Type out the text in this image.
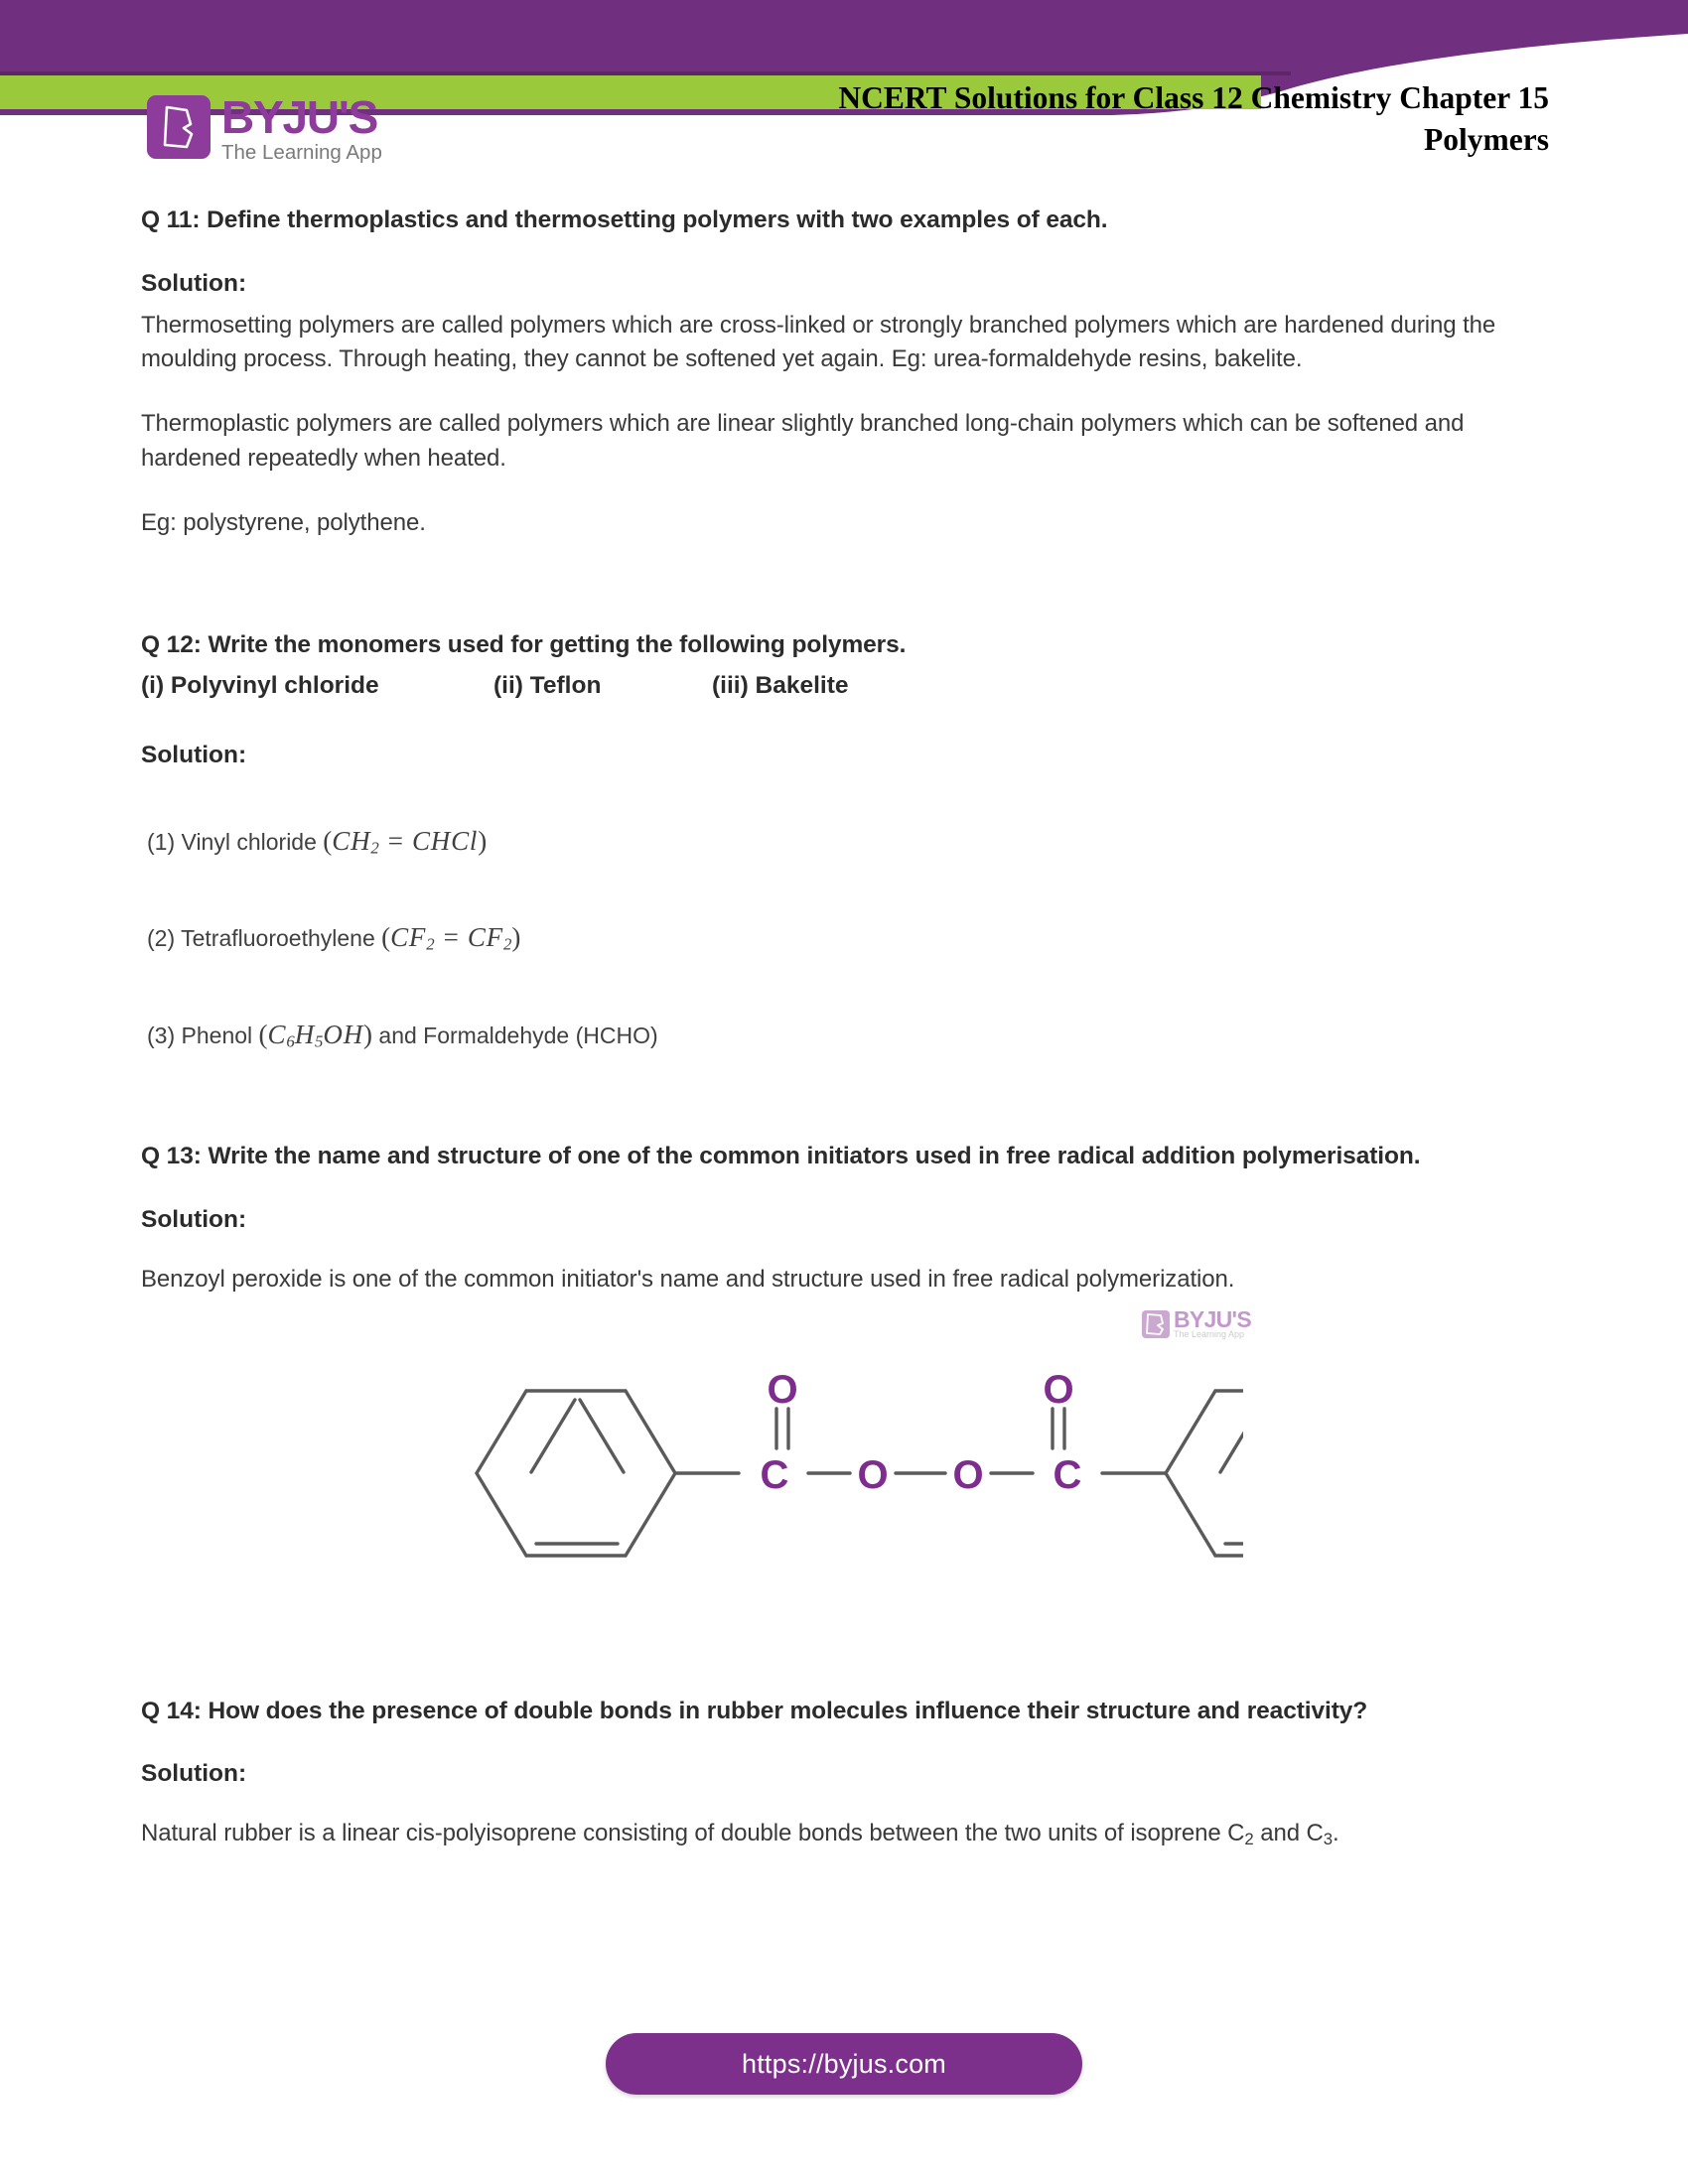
BYJU'S
The Learning App
NCERT Solutions for Class 12 Chemistry Chapter 15
Polymers
Q 11: Define thermoplastics and thermosetting polymers with two examples of each.
Solution:
Thermosetting polymers are called polymers which are cross-linked or strongly branched polymers which are hardened during the moulding process. Through heating, they cannot be softened yet again. Eg: urea-formaldehyde resins, bakelite.
Thermoplastic polymers are called polymers which are linear slightly branched long-chain polymers which can be softened and hardened repeatedly when heated.
Eg: polystyrene, polythene.
Q 12: Write the monomers used for getting the following polymers.
(i) Polyvinyl chloride	(ii) Teflon	(iii) Bakelite
Solution:
(1) Vinyl chloride ($CH_2$ = CHCl)
(2) Tetrafluoroethylene $(CF_2 = CF_2)$
(3) Phenol $(C_6H_5OH)$ and Formaldehyde (HCHO)
Q 13: Write the name and structure of one of the common initiators used in free radical addition polymerisation.
Solution:
Benzoyl peroxide is one of the common initiator's name and structure used in free radical polymerization.
BYJU'S
The Learning App
O
C O O C
O
Q 14: How does the presence of double bonds in rubber molecules influence their structure and reactivity?
Solution:
Natural rubber is a linear cis-polyisoprene consisting of double bonds between the two units of isoprene $C_2$ and $C_3$.
https://byjus.com
